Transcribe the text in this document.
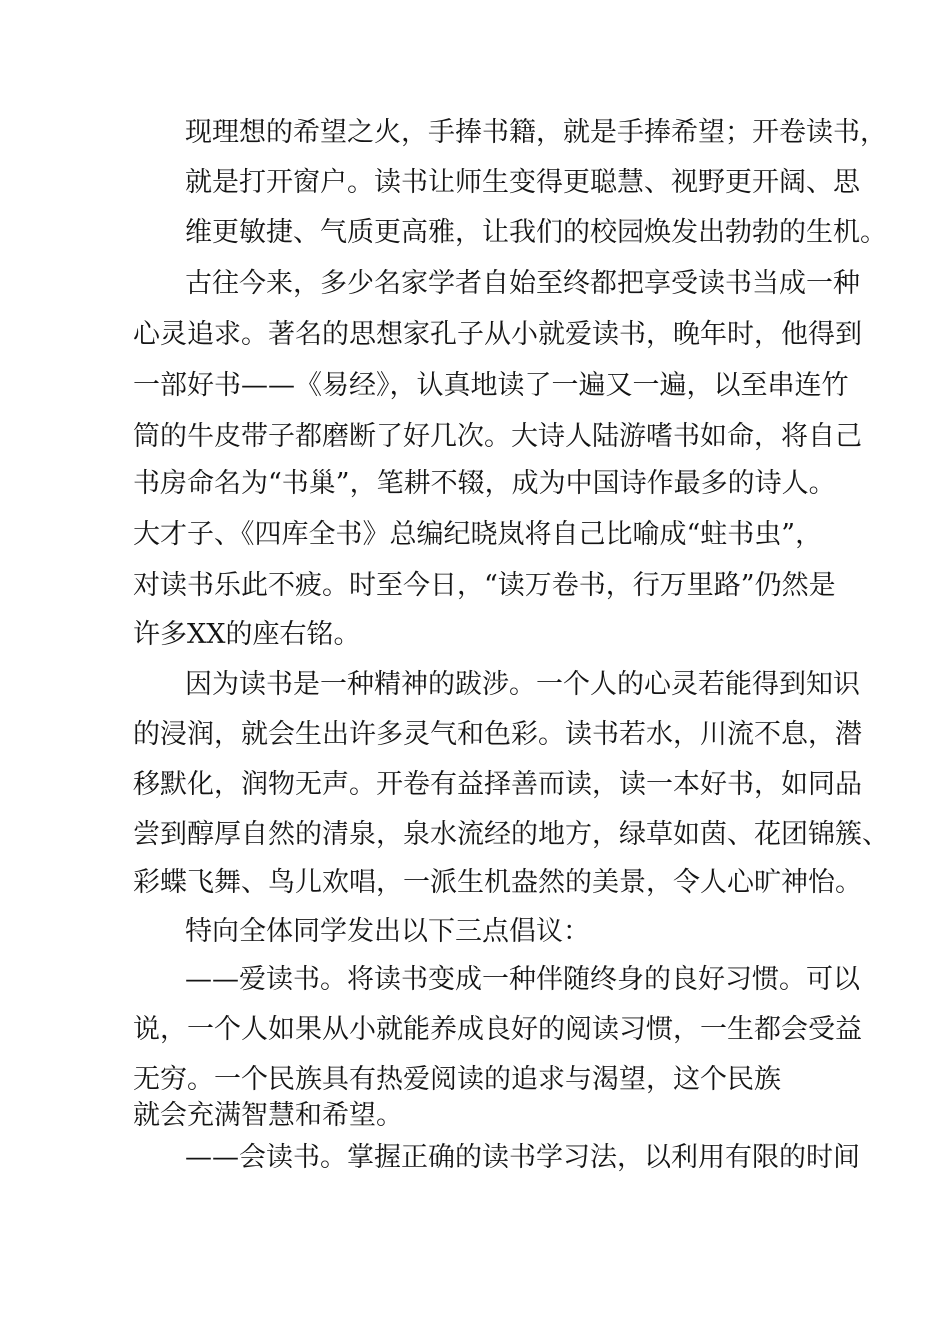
现理想的希望之火，手捧书籍，就是手捧希望；开卷读书，
就是打开窗户。读书让师生变得更聪慧、视野更开阔、思
维更敏捷、气质更高雅，让我们的校园焕发出勃勃的生机。
古往今来，多少名家学者自始至终都把享受读书当成一种
心灵追求。著名的思想家孔子从小就爱读书，晚年时，他得到
一部好书——《易经》，认真地读了一遍又一遍，以至串连竹
筒的牛皮带子都磨断了好几次。大诗人陆游嗜书如命，将自己
书房命名为“书巢”，笔耕不辍，成为中国诗作最多的诗人。
大才子、《四库全书》总编纪晓岚将自己比喻成“蛀书虫”，
对读书乐此不疲。时至今日，“读万卷书，行万里路”仍然是
许多XX的座右铭。
因为读书是一种精神的跋涉。一个人的心灵若能得到知识
的浸润，就会生出许多灵气和色彩。读书若水，川流不息，潜
移默化，润物无声。开卷有益择善而读，读一本好书，如同品
尝到醇厚自然的清泉，泉水流经的地方，绿草如茵、花团锦簇、
彩蝶飞舞、鸟儿欢唱，一派生机盎然的美景，令人心旷神怡。
特向全体同学发出以下三点倡议：
——爱读书。将读书变成一种伴随终身的良好习惯。可以
说，一个人如果从小就能养成良好的阅读习惯，一生都会受益
无穷。一个民族具有热爱阅读的追求与渴望，这个民族
就会充满智慧和希望。
——会读书。掌握正确的读书学习法，以利用有限的时间
